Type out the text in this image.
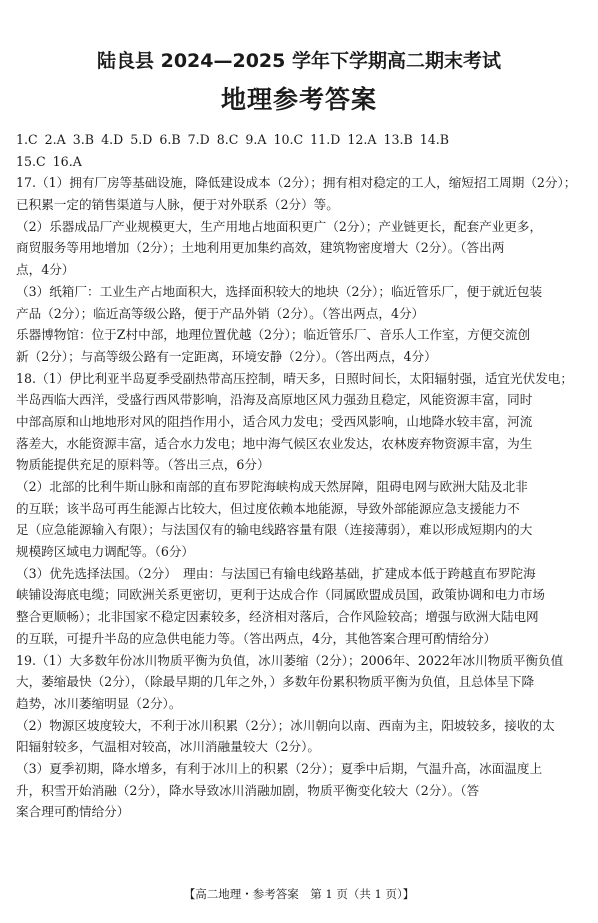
陆良县 2024—2025 学年下学期高二期末考试
地理参考答案
1.C 2.A 3.B 4.D 5.D 6.B 7.D 8.C 9.A 10.C 11.D 12.A 13.B 14.B
15.C 16.A
17.（1）拥有厂房等基础设施，降低建设成本（2分）；拥有相对稳定的工人，缩短招工周期（2分）；
已积累一定的销售渠道与人脉，便于对外联系（2分）等。
（2）乐器成品厂产业规模更大，生产用地占地面积更广（2分）；产业链更长，配套产业更多，
商贸服务等用地增加（2分）；土地利用更加集约高效，建筑物密度增大（2分）。（答出两
点，4分）
（3）纸箱厂：工业生产占地面积大，选择面积较大的地块（2分）；临近管乐厂，便于就近包装
产品（2分）；临近高等级公路，便于产品外销（2分）。（答出两点，4分）
乐器博物馆：位于Z村中部，地理位置优越（2分）；临近管乐厂、音乐人工作室，方便交流创
新（2分）；与高等级公路有一定距离，环境安静（2分）。（答出两点，4分）
18.（1）伊比利亚半岛夏季受副热带高压控制，晴天多，日照时间长，太阳辐射强，适宜光伏发电；
半岛西临大西洋，受盛行西风带影响，沿海及高原地区风力强劲且稳定，风能资源丰富，同时
中部高原和山地地形对风的阻挡作用小，适合风力发电；受西风影响，山地降水较丰富，河流
落差大，水能资源丰富，适合水力发电；地中海气候区农业发达，农林废弃物资源丰富，为生
物质能提供充足的原料等。（答出三点，6分）
（2）北部的比利牛斯山脉和南部的直布罗陀海峡构成天然屏障，阻碍电网与欧洲大陆及北非
的互联；该半岛可再生能源占比较大，但过度依赖本地能源，导致外部能源应急支援能力不
足（应急能源输入有限）；与法国仅有的输电线路容量有限（连接薄弱），难以形成短期内的大
规模跨区域电力调配等。（6分）
（3）优先选择法国。（2分）　理由：与法国已有输电线路基础，扩建成本低于跨越直布罗陀海
峡铺设海底电缆；同欧洲关系更密切，更利于达成合作（同属欧盟成员国，政策协调和电力市场
整合更顺畅）；北非国家不稳定因素较多，经济相对落后，合作风险较高；增强与欧洲大陆电网
的互联，可提升半岛的应急供电能力等。（答出两点，4分，其他答案合理可酌情给分）
19.（1）大多数年份冰川物质平衡为负值，冰川萎缩（2分）；2006年、2022年冰川物质平衡负值
大，萎缩最快（2分），（除最早期的几年之外，）多数年份累积物质平衡为负值，且总体呈下降
趋势，冰川萎缩明显（2分）。
（2）物源区坡度较大，不利于冰川积累（2分）；冰川朝向以南、西南为主，阳坡较多，接收的太
阳辐射较多，气温相对较高，冰川消融量较大（2分）。
（3）夏季初期，降水增多，有利于冰川上的积累（2分）；夏季中后期，气温升高，冰面温度上
升，积雪开始消融（2分），降水导致冰川消融加剧，物质平衡变化较大（2分）。（答
案合理可酌情给分）
【高二地理・参考答案　第 1 页（共 1 页）】
